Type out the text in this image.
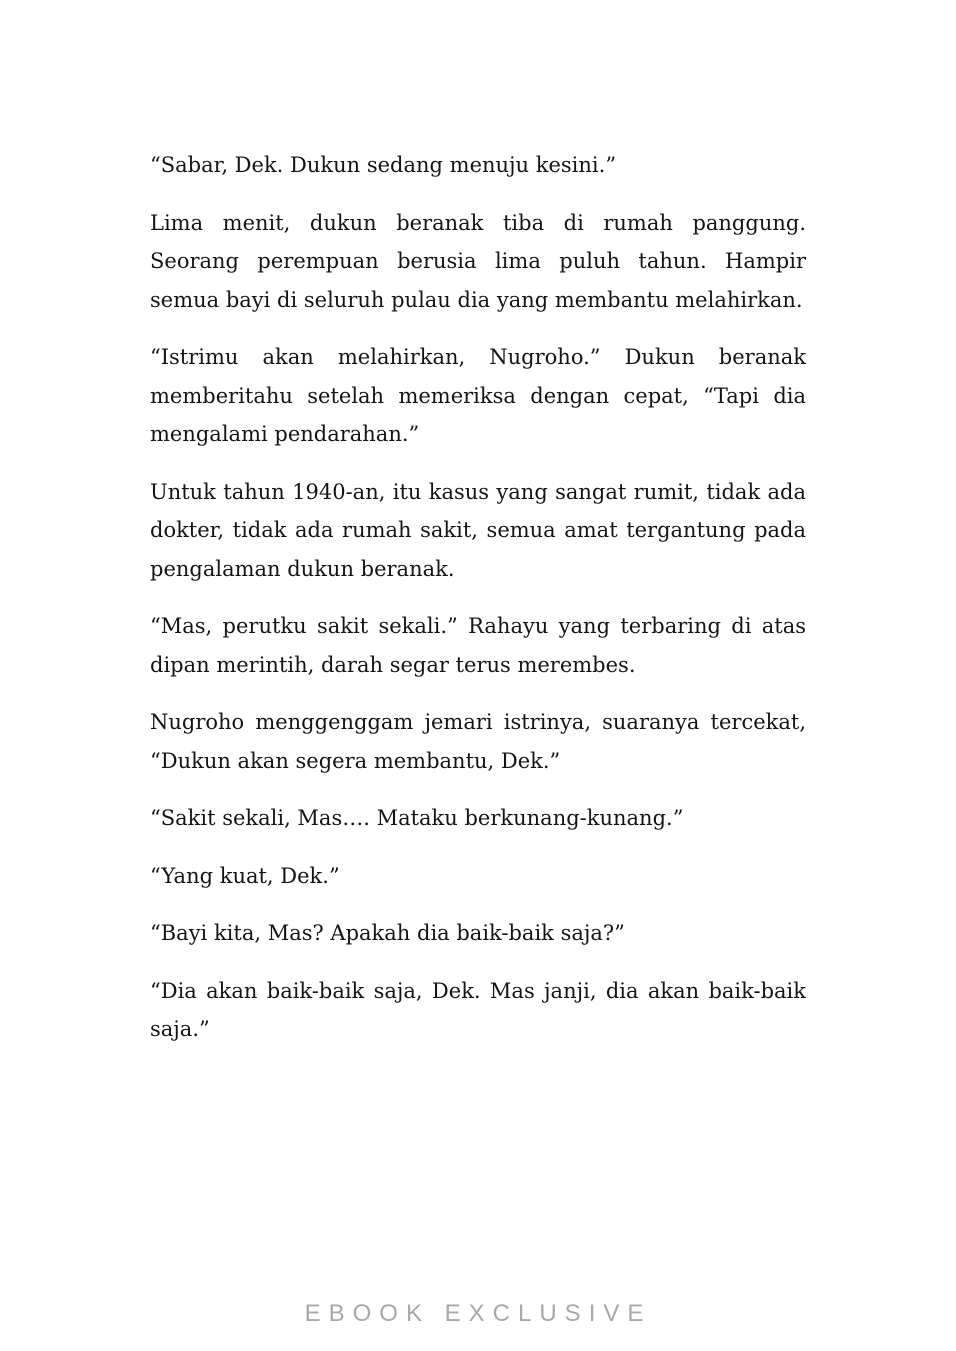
“Sabar, Dek. Dukun sedang menuju kesini.”

Lima menit, dukun beranak tiba di rumah panggung. Seorang perempuan berusia lima puluh tahun. Hampir semua bayi di seluruh pulau dia yang membantu melahirkan.

“Istrimu akan melahirkan, Nugroho.” Dukun beranak memberitahu setelah memeriksa dengan cepat, “Tapi dia mengalami pendarahan.”

Untuk tahun 1940-an, itu kasus yang sangat rumit, tidak ada dokter, tidak ada rumah sakit, semua amat tergantung pada pengalaman dukun beranak.

“Mas, perutku sakit sekali.” Rahayu yang terbaring di atas dipan merintih, darah segar terus merembes.

Nugroho menggenggam jemari istrinya, suaranya tercekat, “Dukun akan segera membantu, Dek.”

“Sakit sekali, Mas…. Mataku berkunang-kunang.”

“Yang kuat, Dek.”

“Bayi kita, Mas? Apakah dia baik-baik saja?”

“Dia akan baik-baik saja, Dek. Mas janji, dia akan baik-baik saja.”

EBOOK EXCLUSIVE
